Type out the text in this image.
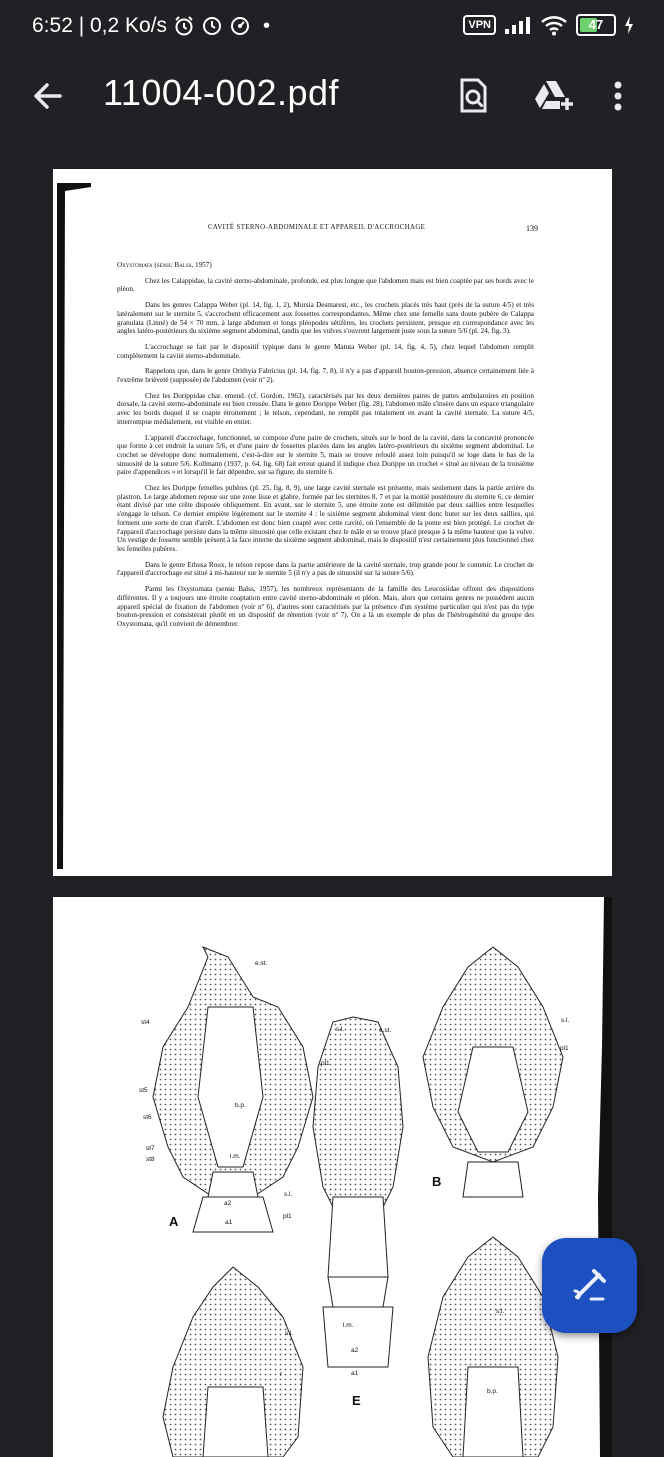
6:52 | 0,2 Ko/s	•	VPN	47
11004-002.pdf
CAVITÉ STERNO-ABDOMINALE ET APPAREIL D'ACCROCHAGE	139

Oxystomata (sensu Balss, 1957)

Chez les Calappidae, la cavité sterno-abdominale, profonde, est plus longue que l'abdomen mais est bien coaptée par ses bords avec le pléon.

Dans les genres Calappa Weber (pl. 14, fig. 1, 2), Mursia Desmarest, etc., les crochets placés très haut (près de la suture 4/5) et très latéralement sur le sternite 5, s'accrochent efficacement aux fossettes correspondantes. Même chez une femelle sans doute pubère de Calappa granulata (Linné) de 54 × 70 mm, à large abdomen et longs pléopodes sétifères, les crochets persistent, presque en correspondance avec les angles latéro-postérieurs du sixième segment abdominal, tandis que les vulves s'ouvrent largement juste sous la suture 5/6 (pl. 24, fig. 3).

L'accrochage se fait par le dispositif typique dans le genre Matuta Weber (pl. 14, fig. 4, 5), chez lequel l'abdomen remplit complètement la cavité sterno-abdominale.

Rappelons que, dans le genre Orithyia Fabricius (pl. 14, fig. 7, 8), il n'y a pas d'appareil bouton-pression, absence certainement liée à l'extrême brièveté (supposée) de l'abdomen (voir nº 2).

Chez les Dorippidae char. emend. (cf. Gordon, 1963), caractérisés par les deux dernières paires de pattes ambulatoires en position dorsale, la cavité sterno-abdominale est bien creusée. Dans le genre Dorippe Weber (fig. 28), l'abdomen mâle s'insère dans un espace triangulaire avec les bords duquel il se coapte étroitement ; le telson, cependant, ne remplit pas totalement en avant la cavité sternale. La suture 4/5, interrompue médialement, est visible en entier.

L'appareil d'accrochage, fonctionnel, se compose d'une paire de crochets, situés sur le bord de la cavité, dans la concavité prononcée que forme à cet endroit la suture 5/6, et d'une paire de fossettes placées dans les angles latéro-postérieurs du sixième segment abdominal. Le crochet se développe donc normalement, c'est-à-dire sur le sternite 5, mais se trouve refoulé assez loin puisqu'il se loge dans le bas de la sinuosité de la suture 5/6. Kollmann (1937, p. 64, fig. 68) fait erreur quand il indique chez Dorippe un crochet « situé au niveau de la troisième paire d'appendices » et lorsqu'il le fait dépendre, sur sa figure, du sternite 6.

Chez les Dorippe femelles pubères (pl. 25, fig. 8, 9), une large cavité sternale est présente, mais seulement dans la partie arrière du plastron. Le large abdomen repose sur une zone lisse et glabre, formée par les sternites 8, 7 et par la moitié postérieure du sternite 6, ce dernier étant divisé par une crête disposée obliquement. En avant, sur le sternite 5, une étroite zone est délimitée par deux saillies entre lesquelles s'engage le telson. Ce dernier empiète légèrement sur le sternite 4 : le sixième segment abdominal vient donc buter sur les deux saillies, qui forment une sorte de cran d'arrêt. L'abdomen est donc bien coapté avec cette cavité, où l'ensemble de la ponte est bien protégé. Le crochet de l'appareil d'accrochage persiste dans la même sinuosité que celle existant chez le mâle et se trouve placé presque à la même hauteur que la vulve. Un vestige de fossette semble présent à la face interne du sixième segment abdominal, mais le dispositif n'est certainement plus fonctionnel chez les femelles pubères.

Dans le genre Ethusa Roux, le telson repose dans la partie antérieure de la cavité sternale, trop grande pour le contenir. Le crochet de l'appareil d'accrochage est situé à mi-hauteur sur le sternite 5 (il n'y a pas de sinuosité sur la suture 5/6).

Parmi les Oxystomata (sensu Balss, 1957), les nombreux représentants de la famille des Leucosiidae offrent des dispositions différentes. Il y a toujours une étroite coaptation entre cavité sterno-abdominale et pléon. Mais, alors que certains genres ne possèdent aucun appareil spécial de fixation de l'abdomen (voir nº 6), d'autres sont caractérisés par la présence d'un système particulier qui n'est pas du type bouton-pression et consisterait plutôt en un dispositif de rétention (voir nº 7). On a là un exemple de plus de l'hétérogénéité du groupe des Oxystomata, qu'il convient de démembrer.

e.st.
st4
s.l.
pl1
st5
b.p.
st6
st7
st8	l.m.
a2
a1
e.st.
s.l.
pl1
l.m.
a2
a1
s.l.
pl1
s.l.
r
s.l.
b.p.
A
B
E
